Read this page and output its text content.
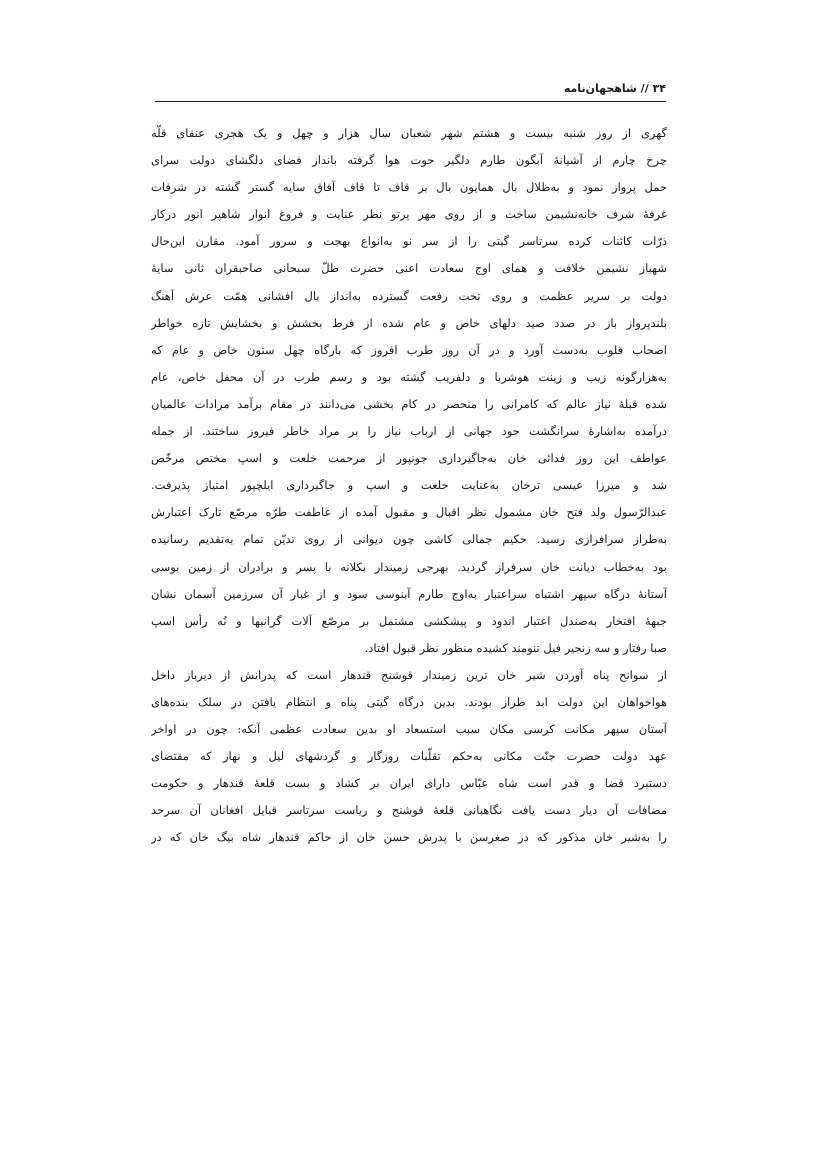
۳۴ // شاهجهان‌نامه
گهری از روز شنبه بیست و هشتم شهر شعبان سال هزار و چهل و یک هجری عنقای قلّه
چرخ چارم از آشیانۀ آبگون طارم دلگیر حوت هوا گرفته بانداز فضای دلگشای دولت سرای
حمل پرواز نمود و بەظلال بال همایون بال بر قاف تا قاف آفاق سایه گستر گشته در شرفات
غرفۀ شرف خانه‌نشیمن ساخت و از روی مهر پرتو نظر عنایت و فروغ انوار شاهپر انور درکار
ذرّات کائنات کرده سرتاسر گیتی را از سر نو به‌انواع بهجت و سرور آمود. مقارن این‌حال
شهباز نشیمن خلافت و همای اوج سعادت اعنی حضرت ظلّ سبحانی صاحبقران ثانی سایۀ
دولت بر سریر عظمت و روی تخت رفعت گسترده به‌انداز بال افشانی همّت عرش آهنگ
بلندپرواز باز در صدد صید دلهای خاص و عام شده از فرط بخشش و بخشایش تازه خواطر
اصحاب قلوب به‌دست آورد و در آن روز طرب افروز که بارگاه چهل ستون خاص و عام که
به‌هزارگونه زیب و زینت هوشربا و دلفریب گشته بود و رسم طرب در آن محفل خاص، عام
شده قبلۀ نیاز عالم که کامرانی را منحصر در کام بخشی می‌دانند در مقام برآمد مرادات عالمیان
درآمده به‌اشارۀ سرانگشت جود جهانی از ارباب نیاز را بر مراد خاطر فیروز ساختند. از جمله
عواطف این روز فدائی خان به‌جاگیرداری جونپور از مرحمت خلعت و اسپ مختص مرخّص
شد و میرزا عیسی ترخان به‌عنایت خلعت و اسپ و جاگیرداری ایلچپور امتیاز پذیرفت.
عبدالرّسول ولد فتح خان مشمول نظر اقبال و مقبول آمده از عاطفت طرّه مرصّع تارک اعتبارش
به‌طراز سرافرازی رسید. حکیم جمالی کاشی چون دیوانی از روی تدیّن تمام به‌تقدیم رسانیده
بود به‌خطاب دیانت خان سرفراز گردید. بهرجی زمیندار بکلانه با پسر و برادران از زمین بوسی
آستانۀ درگاه سپهر اشتباه سراعتبار به‌اوج طارم آبنوسی سود و از غبار آن سرزمین آسمان نشان
جبهۀ افتخار به‌صندل اعتبار اندود و پیشکشی مشتمل بر مرصّع آلات گرانبها و نُه رأس اسپ
صبا رفتار و سه زنجیر فیل تنومند کشیده منظور نظر قبول افتاد.
از سوانح پناه آوردن شیر خان ترین زمیندار قوشنج قندهار است که پدرانش از دیرباز داخل
هواخواهان این دولت ابد طراز بودند. بدین درگاه گیتی پناه و انتظام یافتن در سلک بنده‌های
آستان سپهر مکانت کرسی مکان سبب استسعاد او بدین سعادت عظمی آنکه: چون در اواخر
عهد دولت حضرت جنّت مکانی به‌حکم تقلّبات روزگار و گردشهای لیل و نهار که مقتضای
دستبرد قضا و قدر است شاه عبّاس دارای ایران بر کشاد و بست قلعۀ قندهار و حکومت
مضافات آن دیار دست یافت نگاهبانی قلعۀ قوشنج و ریاست سرتاسر قبایل افغانان آن سرحد
را به‌شیر خان مذکور که در صغرسن با پدرش حسن خان از حاکم قندهار شاه بیگ خان که در
